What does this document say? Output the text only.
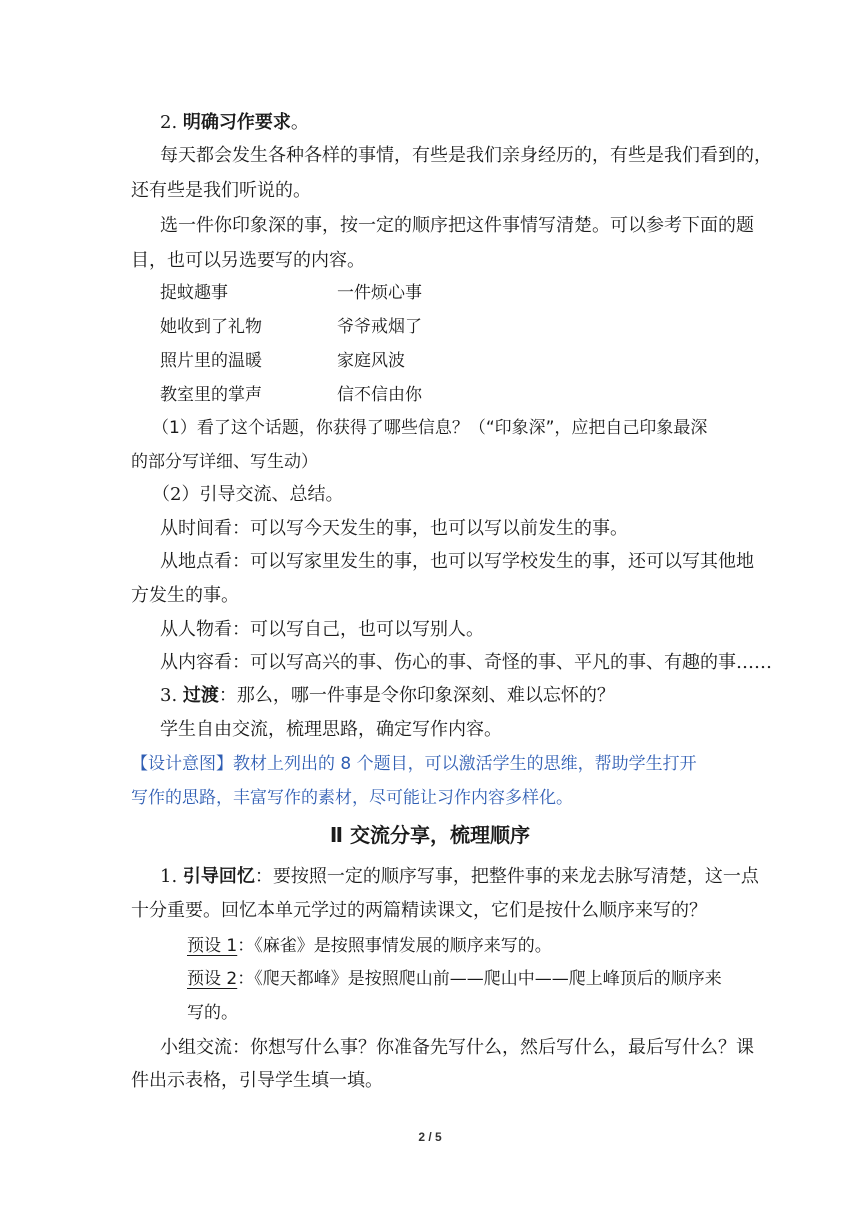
2. 明确习作要求。
每天都会发生各种各样的事情，有些是我们亲身经历的，有些是我们看到的，
还有些是我们听说的。
选一件你印象深的事，按一定的顺序把这件事情写清楚。可以参考下面的题
目，也可以另选要写的内容。
捉蚊趣事	一件烦心事
她收到了礼物	爷爷戒烟了
照片里的温暖	家庭风波
教室里的掌声	信不信由你
（1）看了这个话题，你获得了哪些信息？（“印象深”，应把自己印象最深
的部分写详细、写生动）
（2）引导交流、总结。
从时间看：可以写今天发生的事，也可以写以前发生的事。
从地点看：可以写家里发生的事，也可以写学校发生的事，还可以写其他地
方发生的事。
从人物看：可以写自己，也可以写别人。
从内容看：可以写高兴的事、伤心的事、奇怪的事、平凡的事、有趣的事……
3. 过渡：那么，哪一件事是令你印象深刻、难以忘怀的？
学生自由交流，梳理思路，确定写作内容。
【设计意图】教材上列出的 8 个题目，可以激活学生的思维，帮助学生打开
写作的思路，丰富写作的素材，尽可能让习作内容多样化。
Ⅱ 交流分享，梳理顺序
1. 引导回忆：要按照一定的顺序写事，把整件事的来龙去脉写清楚，这一点
十分重要。回忆本单元学过的两篇精读课文，它们是按什么顺序来写的？
预设 1：《麻雀》是按照事情发展的顺序来写的。
预设 2：《爬天都峰》是按照爬山前——爬山中——爬上峰顶后的顺序来
写的。
小组交流：你想写什么事？你准备先写什么，然后写什么，最后写什么？课
件出示表格，引导学生填一填。
2 / 5
